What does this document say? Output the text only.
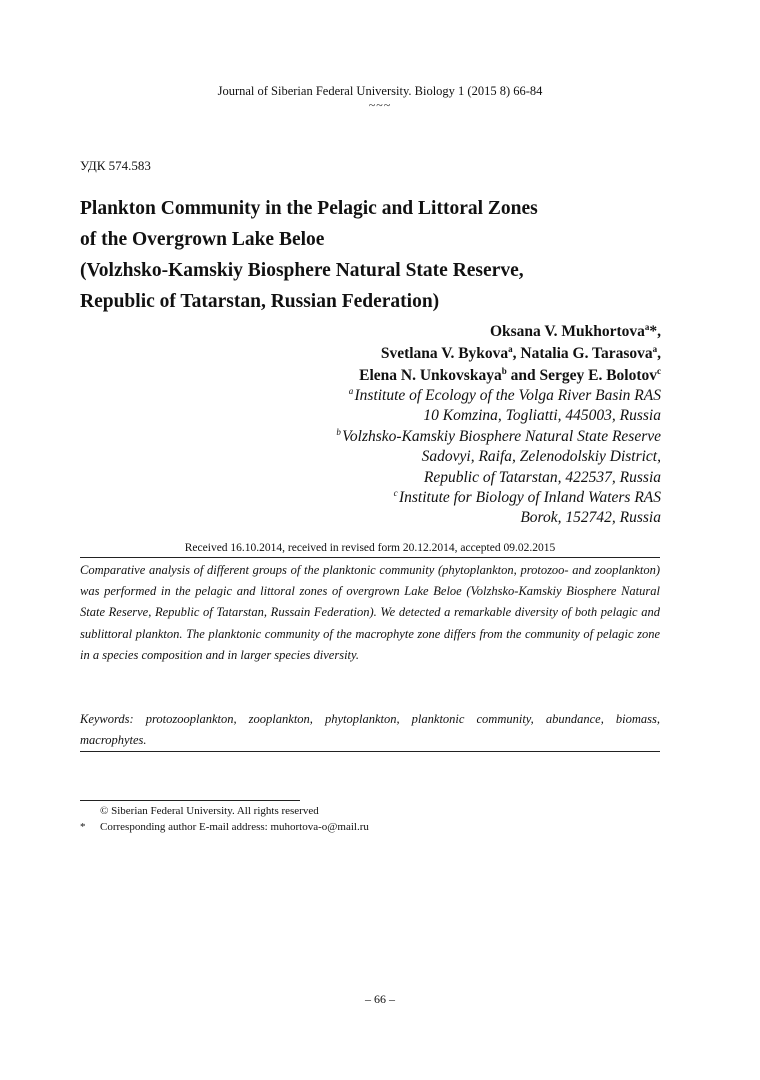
Journal of Siberian Federal University. Biology 1 (2015 8) 66-84
~~~
УДК 574.583
Plankton Community in the Pelagic and Littoral Zones
of the Overgrown Lake Beloe
(Volzhsko-Kamskiy Biosphere Natural State Reserve,
Republic of Tatarstan, Russian Federation)
Oksana V. Mukhortova$^a$*,
Svetlana V. Bykova$^a$, Natalia G. Tarasova$^a$,
Elena N. Unkovskaya$^b$ and Sergey E. Bolotov$^c$
$^a$ Institute of Ecology of the Volga River Basin RAS
10 Komzina, Togliatti, 445003, Russia
$^b$ Volzhsko-Kamskiy Biosphere Natural State Reserve
Sadovyi, Raifa, Zelenodolskiy District,
Republic of Tatarstan, 422537, Russia
$^c$ Institute for Biology of Inland Waters RAS
Borok, 152742, Russia
Received 16.10.2014, received in revised form 20.12.2014, accepted 09.02.2015
Comparative analysis of different groups of the planktonic community (phytoplankton, protozoo- and zooplankton) was performed in the pelagic and littoral zones of overgrown Lake Beloe (Volzhsko-Kamskiy Biosphere Natural State Reserve, Republic of Tatarstan, Russain Federation). We detected a remarkable diversity of both pelagic and sublittoral plankton. The planktonic community of the macrophyte zone differs from the community of pelagic zone in a species composition and in larger species diversity.
Keywords: protozooplankton, zooplankton, phytoplankton, planktonic community, abundance, biomass, macrophytes.
© Siberian Federal University. All rights reserved
*	Corresponding author E-mail address: muhortova-o@mail.ru
– 66 –
